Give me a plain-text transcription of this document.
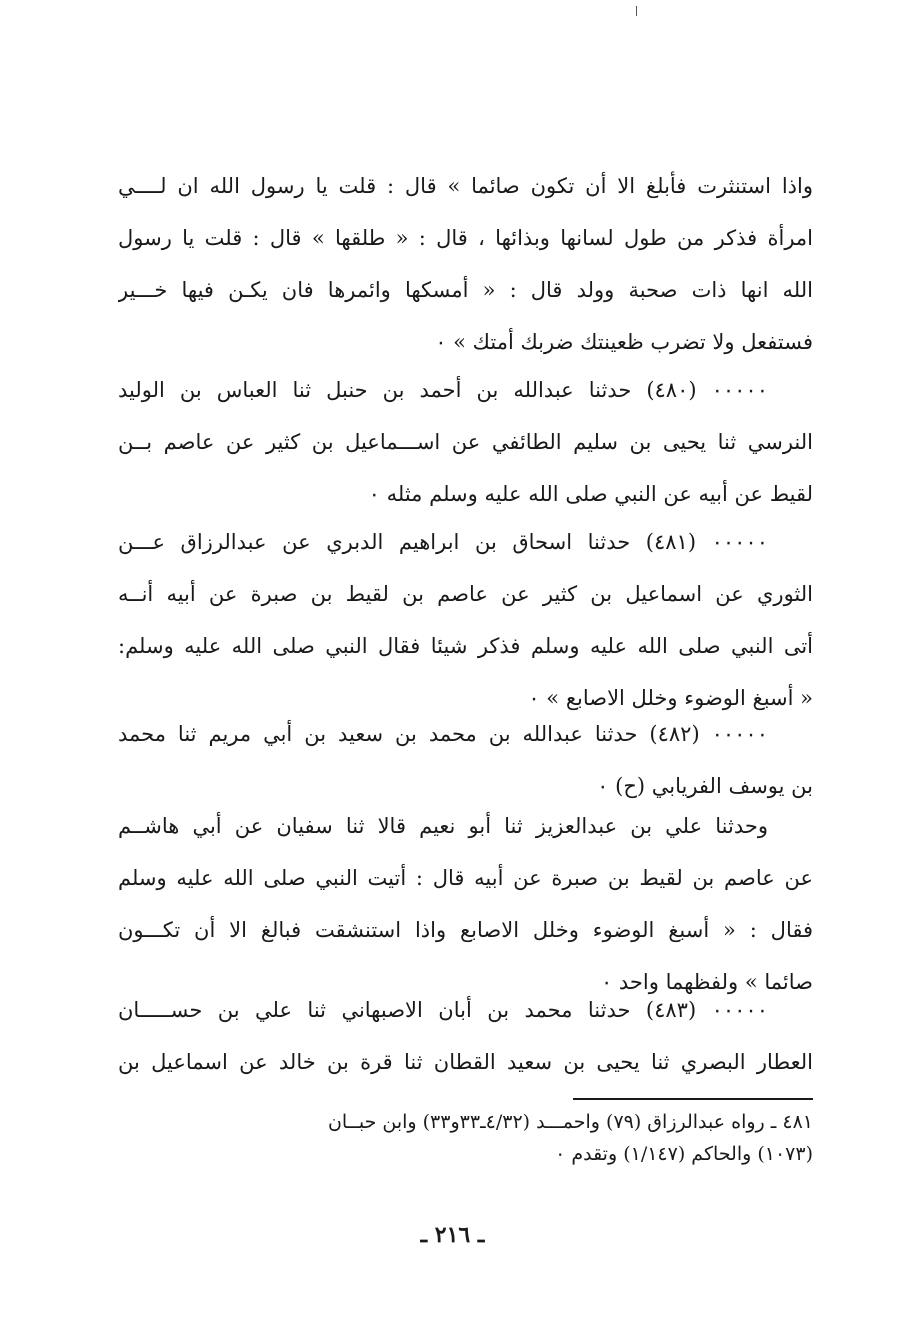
واذا استنثرت فأبلغ الا أن تكون صائما » قال : قلت يا رسول الله ان لــــي
امرأة فذكر من طول لسانها وبذائها ، قال : « طلقها » قال : قلت يا رسول
الله انها ذات صحبة وولد قال : « أمسكها وائمرها فان يكـن فيها خـــير
فستفعل ولا تضرب ظعينتك ضربك أمتك » ٠
٠٠٠٠٠ (٤٨٠) حدثنا عبدالله بن أحمد بن حنبل ثنا العباس بن الوليد
النرسي ثنا يحيى بن سليم الطائفي عن اســـماعيل بن كثير عن عاصم بــن
لقيط عن أبيه عن النبي صلى الله عليه وسلم مثله ٠
٠٠٠٠٠ (٤٨١) حدثنا اسحاق بن ابراهيم الدبري عن عبدالرزاق عـــن
الثوري عن اسماعيل بن كثير عن عاصم بن لقيط بن صبرة عن أبيه أنــه
أتى النبي صلى الله عليه وسلم فذكر شيئا فقال النبي صلى الله عليه وسلم:
« أسبغ الوضوء وخلل الاصابع » ٠
٠٠٠٠٠ (٤٨٢) حدثنا عبدالله بن محمد بن سعيد بن أبي مريم ثنا محمد
بن يوسف الفريابي (ح) ٠
وحدثنا علي بن عبدالعزيز ثنا أبو نعيم قالا ثنا سفيان عن أبي هاشــم
عن عاصم بن لقيط بن صبرة عن أبيه قال : أتيت النبي صلى الله عليه وسلم
فقال : « أسبغ الوضوء وخلل الاصابع واذا استنشقت فبالغ الا أن تكـــون
صائما » ولفظهما واحد ٠
٠٠٠٠٠ (٤٨٣) حدثنا محمد بن أبان الاصبهاني ثنا علي بن حســـــان
العطار البصري ثنا يحيى بن سعيد القطان ثنا قرة بن خالد عن اسماعيل بن
٤٨١ ـ رواه عبدالرزاق (٧٩) واحمـــد (٤/٣٢ـ٣٣و٣٣) وابن حبــان
(١٠٧٣) والحاكم (١/١٤٧) وتقدم ٠
ـ ٢١٦ ـ
